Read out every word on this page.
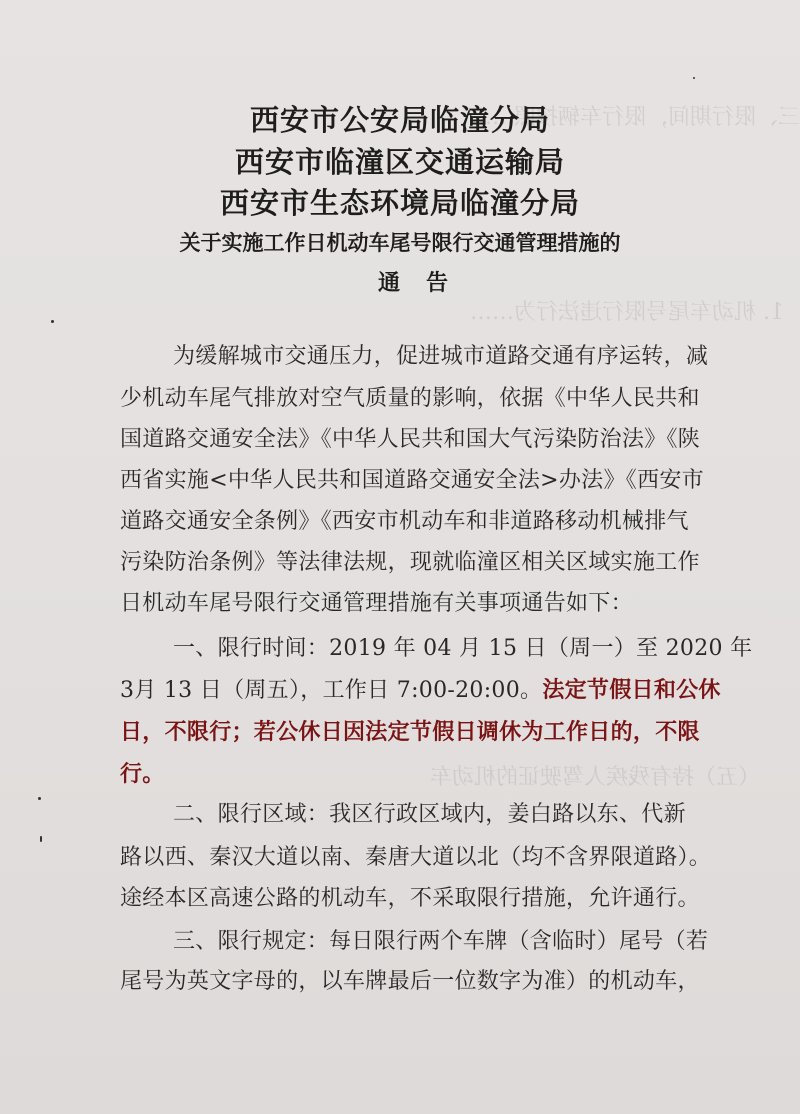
三、限行期间，限行车辆按照……
1. 机动车尾号限行违法行为……
（五）持有残疾人驾驶证的机动车
西安市公安局临潼分局
西安市临潼区交通运输局
西安市生态环境局临潼分局
关于实施工作日机动车尾号限行交通管理措施的
通告
为缓解城市交通压力，促进城市道路交通有序运转，减
少机动车尾气排放对空气质量的影响，依据《中华人民共和
国道路交通安全法》《中华人民共和国大气污染防治法》《陕
西省实施<中华人民共和国道路交通安全法>办法》《西安市
道路交通安全条例》《西安市机动车和非道路移动机械排气
污染防治条例》等法律法规，现就临潼区相关区域实施工作
日机动车尾号限行交通管理措施有关事项通告如下：
一、限行时间：2019 年 04 月 15 日（周一）至 2020 年
3月 13 日（周五），工作日 7:00-20:00。法定节假日和公休
日，不限行；若公休日因法定节假日调休为工作日的，不限
行。
二、限行区域：我区行政区域内，姜白路以东、代新
路以西、秦汉大道以南、秦唐大道以北（均不含界限道路）。
途经本区高速公路的机动车，不采取限行措施，允许通行。
三、限行规定：每日限行两个车牌（含临时）尾号（若
尾号为英文字母的，以车牌最后一位数字为准）的机动车，
